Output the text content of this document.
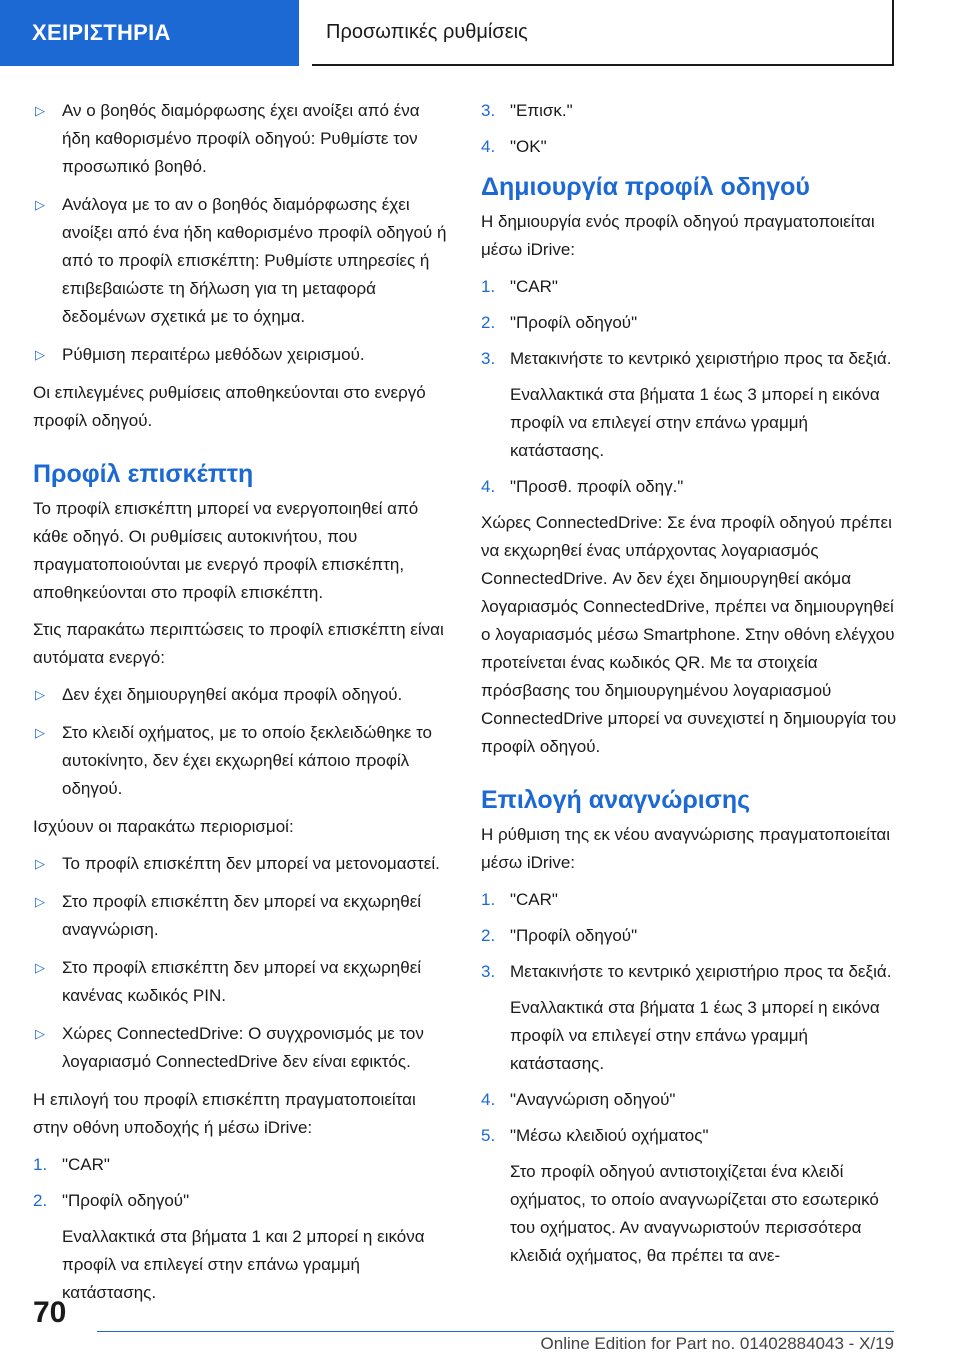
ΧΕΙΡΙΣΤΗΡΙΑ	Προσωπικές ρυθμίσεις
▷ Αν ο βοηθός διαμόρφωσης έχει ανοίξει από ένα ήδη καθορισμένο προφίλ οδηγού: Ρυθμίστε τον προσωπικό βοηθό.
▷ Ανάλογα με το αν ο βοηθός διαμόρφωσης έχει ανοίξει από ένα ήδη καθορισμένο προφίλ οδηγού ή από το προφίλ επισκέπτη: Ρυθμίστε υπηρεσίες ή επιβεβαιώστε τη δήλωση για τη μεταφορά δεδομένων σχετικά με το όχημα.
▷ Ρύθμιση περαιτέρω μεθόδων χειρισμού.

Οι επιλεγμένες ρυθμίσεις αποθηκεύονται στο ενεργό προφίλ οδηγού.

Προφίλ επισκέπτη

Το προφίλ επισκέπτη μπορεί να ενεργοποιηθεί από κάθε οδηγό. Οι ρυθμίσεις αυτοκινήτου, που πραγματοποιούνται με ενεργό προφίλ επισκέπτη, αποθηκεύονται στο προφίλ επισκέπτη.

Στις παρακάτω περιπτώσεις το προφίλ επισκέπτη είναι αυτόματα ενεργό:

▷ Δεν έχει δημιουργηθεί ακόμα προφίλ οδηγού.
▷ Στο κλειδί οχήματος, με το οποίο ξεκλειδώθηκε το αυτοκίνητο, δεν έχει εκχωρηθεί κάποιο προφίλ οδηγού.

Ισχύουν οι παρακάτω περιορισμοί:

▷ Το προφίλ επισκέπτη δεν μπορεί να μετονομαστεί.
▷ Στο προφίλ επισκέπτη δεν μπορεί να εκχωρηθεί αναγνώριση.
▷ Στο προφίλ επισκέπτη δεν μπορεί να εκχωρηθεί κανένας κωδικός PIN.
▷ Χώρες ConnectedDrive: Ο συγχρονισμός με τον λογαριασμό ConnectedDrive δεν είναι εφικτός.

Η επιλογή του προφίλ επισκέπτη πραγματοποιείται στην οθόνη υποδοχής ή μέσω iDrive:

1. "CAR"
2. "Προφίλ οδηγού"

Εναλλακτικά στα βήματα 1 και 2 μπορεί η εικόνα προφίλ να επιλεγεί στην επάνω γραμμή κατάστασης.

3. "Επισκ."
4. "OK"
Δημιουργία προφίλ οδηγού

Η δημιουργία ενός προφίλ οδηγού πραγματοποιείται μέσω iDrive:

1. "CAR"
2. "Προφίλ οδηγού"
3. Μετακινήστε το κεντρικό χειριστήριο προς τα δεξιά.

Εναλλακτικά στα βήματα 1 έως 3 μπορεί η εικόνα προφίλ να επιλεγεί στην επάνω γραμμή κατάστασης.

4. "Προσθ. προφίλ οδηγ."

Χώρες ConnectedDrive: Σε ένα προφίλ οδηγού πρέπει να εκχωρηθεί ένας υπάρχοντας λογαριασμός ConnectedDrive. Αν δεν έχει δημιουργηθεί ακόμα λογαριασμός ConnectedDrive, πρέπει να δημιουργηθεί ο λογαριασμός μέσω Smartphone. Στην οθόνη ελέγχου προτείνεται ένας κωδικός QR. Με τα στοιχεία πρόσβασης του δημιουργημένου λογαριασμού ConnectedDrive μπορεί να συνεχιστεί η δημιουργία του προφίλ οδηγού.

Επιλογή αναγνώρισης

Η ρύθμιση της εκ νέου αναγνώρισης πραγματοποιείται μέσω iDrive:

1. "CAR"
2. "Προφίλ οδηγού"
3. Μετακινήστε το κεντρικό χειριστήριο προς τα δεξιά.

Εναλλακτικά στα βήματα 1 έως 3 μπορεί η εικόνα προφίλ να επιλεγεί στην επάνω γραμμή κατάστασης.

4. "Αναγνώριση οδηγού"
5. "Μέσω κλειδιού οχήματος"

Στο προφίλ οδηγού αντιστοιχίζεται ένα κλειδί οχήματος, το οποίο αναγνωρίζεται στο εσωτερικό του οχήματος. Αν αναγνωριστούν περισσότερα κλειδιά οχήματος, θα πρέπει τα ανε-

70
Online Edition for Part no. 01402884043 - X/19
